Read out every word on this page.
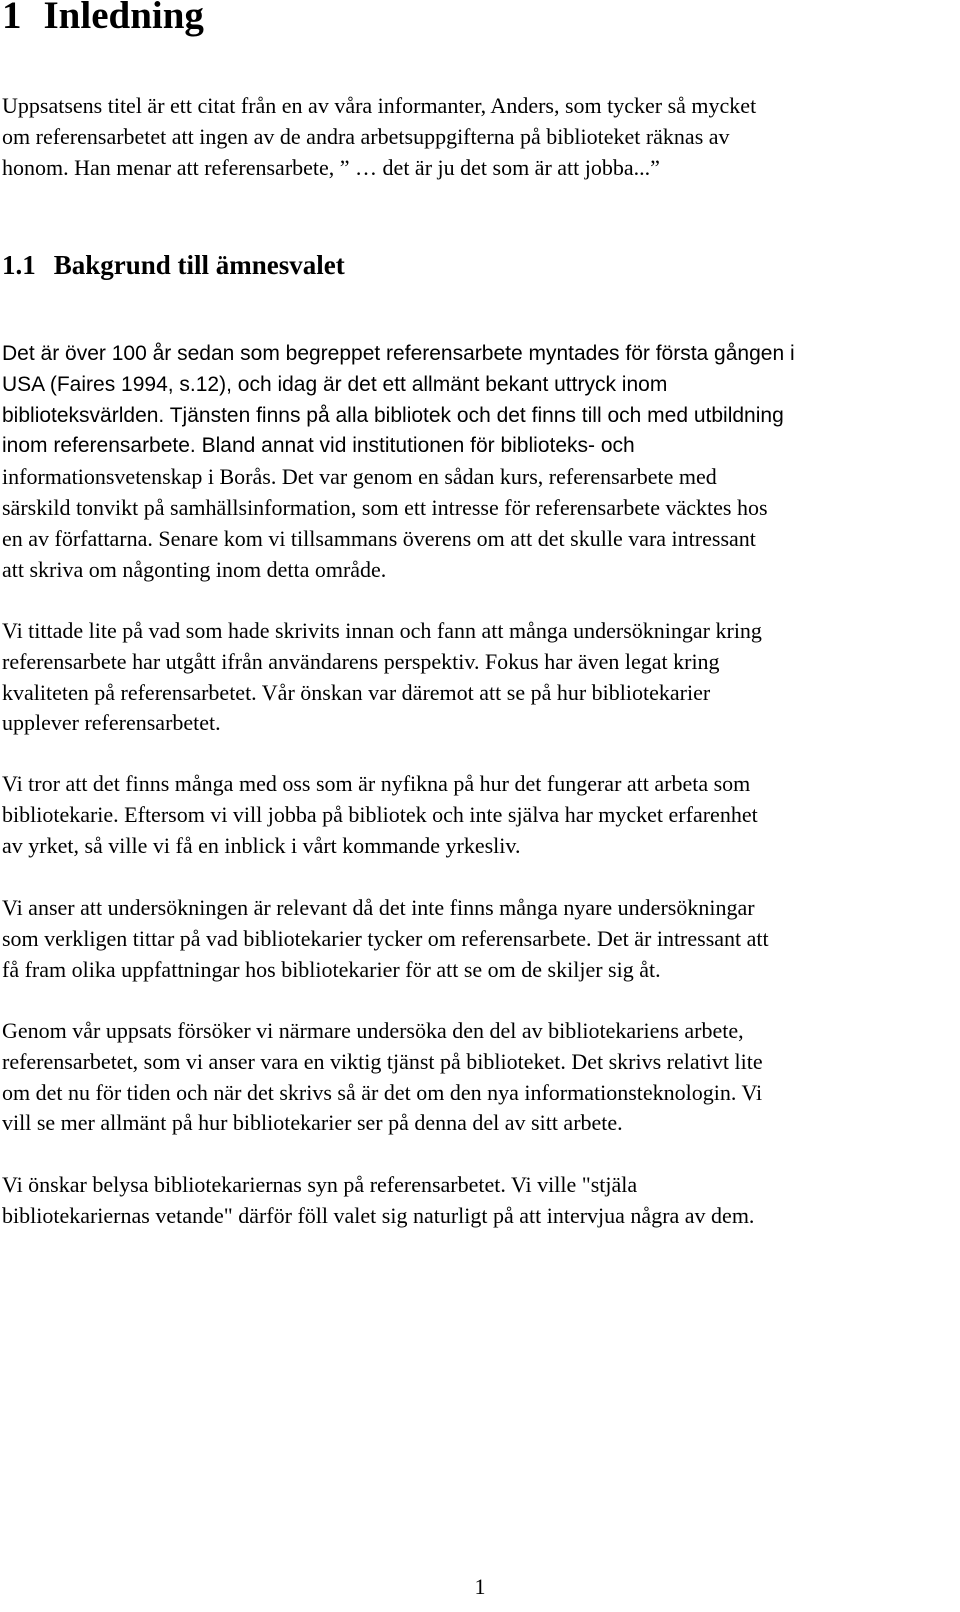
1 Inledning

Uppsatsens titel är ett citat från en av våra informanter, Anders, som tycker så mycket
om referensarbetet att ingen av de andra arbetsuppgifterna på biblioteket räknas av
honom. Han menar att referensarbete, ” … det är ju det som är att jobba...”

1.1 Bakgrund till ämnesvalet

Det är över 100 år sedan som begreppet referensarbete myntades för första gången i
USA (Faires 1994, s.12), och idag är det ett allmänt bekant uttryck inom
biblioteksvärlden. Tjänsten finns på alla bibliotek och det finns till och med utbildning
inom referensarbete. Bland annat vid institutionen för biblioteks- och
informationsvetenskap i Borås. Det var genom en sådan kurs, referensarbete med
särskild tonvikt på samhällsinformation, som ett intresse för referensarbete väcktes hos
en av författarna. Senare kom vi tillsammans överens om att det skulle vara intressant
att skriva om någonting inom detta område.

Vi tittade lite på vad som hade skrivits innan och fann att många undersökningar kring
referensarbete har utgått ifrån användarens perspektiv. Fokus har även legat kring
kvaliteten på referensarbetet. Vår önskan var däremot att se på hur bibliotekarier
upplever referensarbetet.

Vi tror att det finns många med oss som är nyfikna på hur det fungerar att arbeta som
bibliotekarie. Eftersom vi vill jobba på bibliotek och inte själva har mycket erfarenhet
av yrket, så ville vi få en inblick i vårt kommande yrkesliv.

Vi anser att undersökningen är relevant då det inte finns många nyare undersökningar
som verkligen tittar på vad bibliotekarier tycker om referensarbete. Det är intressant att
få fram olika uppfattningar hos bibliotekarier för att se om de skiljer sig åt.

Genom vår uppsats försöker vi närmare undersöka den del av bibliotekariens arbete,
referensarbetet, som vi anser vara en viktig tjänst på biblioteket. Det skrivs relativt lite
om det nu för tiden och när det skrivs så är det om den nya informationsteknologin. Vi
vill se mer allmänt på hur bibliotekarier ser på denna del av sitt arbete.

Vi önskar belysa bibliotekariernas syn på referensarbetet. Vi ville "stjäla
bibliotekariernas vetande" därför föll valet sig naturligt på att intervjua några av dem.

1
